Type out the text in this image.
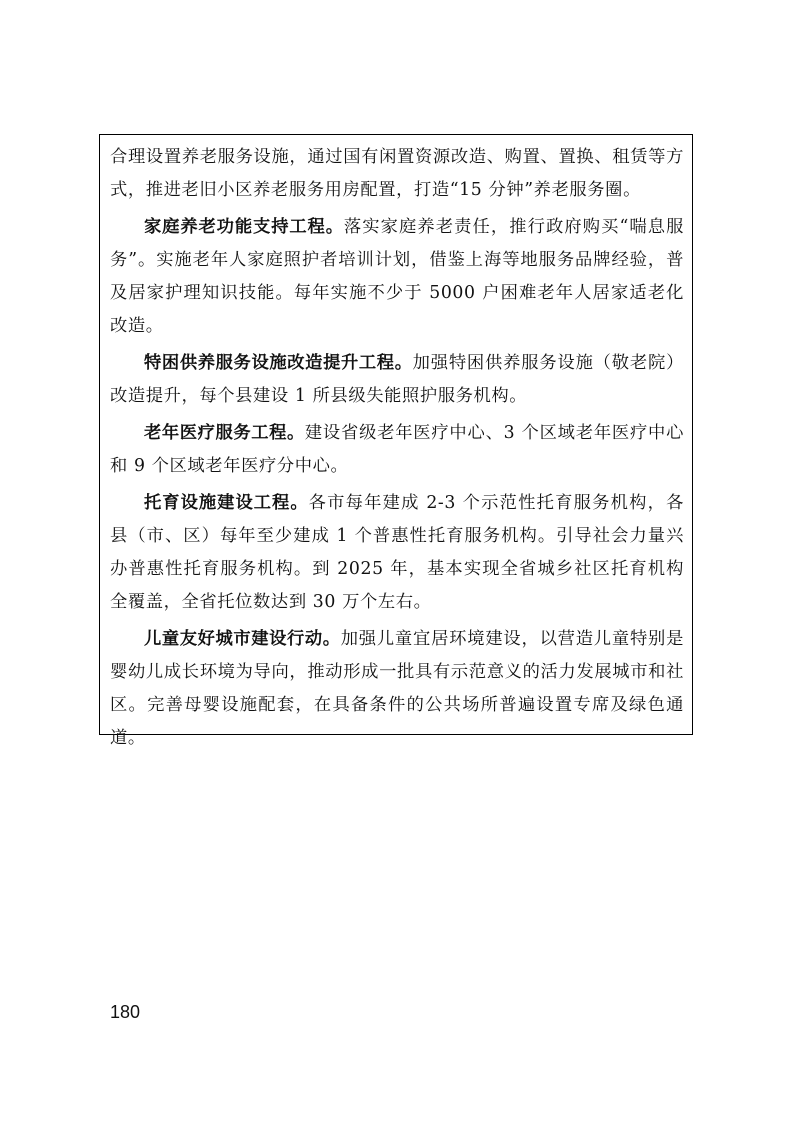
合理设置养老服务设施，通过国有闲置资源改造、购置、置换、租赁等方式，推进老旧小区养老服务用房配置，打造“15 分钟”养老服务圈。

家庭养老功能支持工程。落实家庭养老责任，推行政府购买“喘息服务”。实施老年人家庭照护者培训计划，借鉴上海等地服务品牌经验，普及居家护理知识技能。每年实施不少于 5000 户困难老年人居家适老化改造。

特困供养服务设施改造提升工程。加强特困供养服务设施（敬老院）改造提升，每个县建设 1 所县级失能照护服务机构。

老年医疗服务工程。建设省级老年医疗中心、3 个区域老年医疗中心和 9 个区域老年医疗分中心。

托育设施建设工程。各市每年建成 2-3 个示范性托育服务机构，各县（市、区）每年至少建成 1 个普惠性托育服务机构。引导社会力量兴办普惠性托育服务机构。到 2025 年，基本实现全省城乡社区托育机构全覆盖，全省托位数达到 30 万个左右。

儿童友好城市建设行动。加强儿童宜居环境建设，以营造儿童特别是婴幼儿成长环境为导向，推动形成一批具有示范意义的活力发展城市和社区。完善母婴设施配套，在具备条件的公共场所普遍设置专席及绿色通道。

180
